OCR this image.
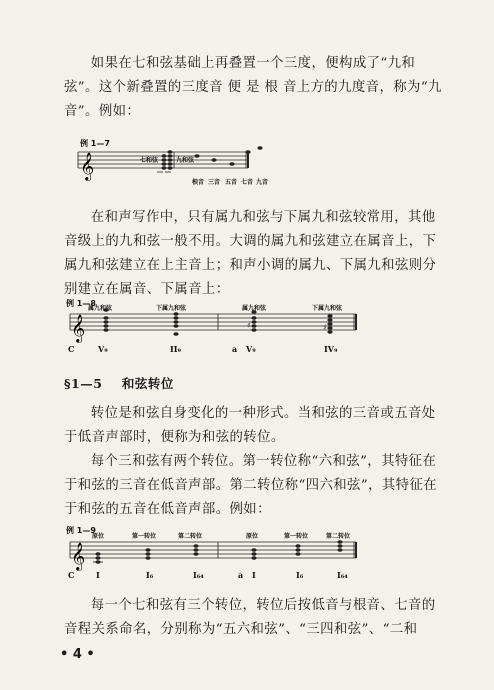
如果在七和弦基础上再叠置一个三度，便构成了“九和弦”。这个新叠置的三度音 便 是 根 音上方的九度音，称为“九音”。例如：

例 1—7
𝄞	七和弦	九和弦
根音 三音 五音 七音 九音

在和声写作中，只有属九和弦与下属九和弦较常用，其他音级上的九和弦一般不用。大调的属九和弦建立在属音上，下属九和弦建立在上主音上；和声小调的属九、下属九和弦则分别建立在属音、下属音上：

例 1—8
𝄞	♯	♯
属九和弦	下属九和弦	属九和弦	下属九和弦
C	V₉	II₉	a V₉	IV₉
§1—5 和弦转位

转位是和弦自身变化的一种形式。当和弦的三音或五音处于低音声部时，便称为和弦的转位。

每个三和弦有两个转位。第一转位称“六和弦”，其特征在于和弦的三音在低音声部。第二转位称“四六和弦”，其特征在于和弦的五音在低音声部。例如：

例 1—9
𝄞
原位	第一转位	第二转位	原位	第一转位	第二转位
C	I	I₆	I₆₄	a I	I₆	I₆₄

每一个七和弦有三个转位，转位后按低音与根音、七音的音程关系命名，分别称为“五六和弦”、“三四和弦”、“二和

• 4 •
